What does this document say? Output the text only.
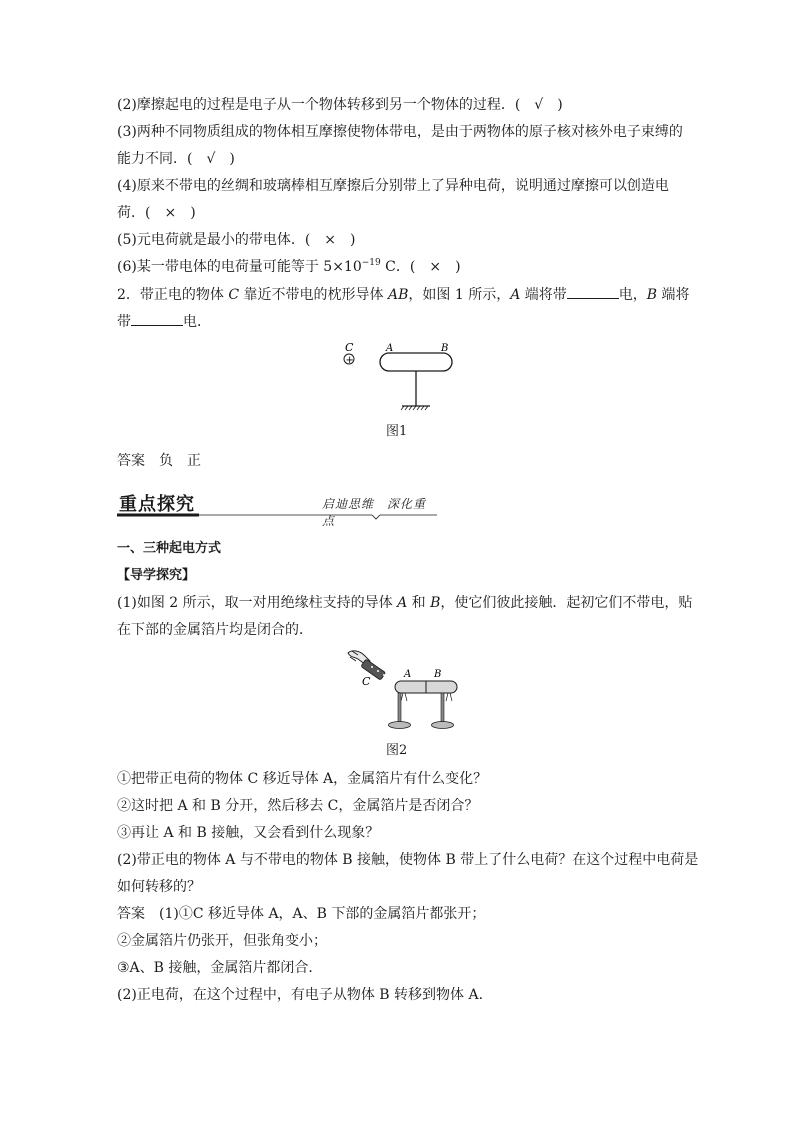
(2)摩擦起电的过程是电子从一个物体转移到另一个物体的过程．(　√　)
(3)两种不同物质组成的物体相互摩擦使物体带电，是由于两物体的原子核对核外电子束缚的
能力不同．(　√　)
(4)原来不带电的丝绸和玻璃棒相互摩擦后分别带上了异种电荷，说明通过摩擦可以创造电
荷．(　×　)
(5)元电荷就是最小的带电体．(　×　)
(6)某一带电体的电荷量可能等于 $5\times 10^{-19}$ C．(　×　)
2．带正电的物体 C 靠近不带电的枕形导体 AB，如图 1 所示，A 端将带	电，B 端将
带	电．
C
+
A	B
图1
答案　负　正
重点探究	启迪思维　深化重点
一、三种起电方式
【导学探究】
(1)如图 2 所示，取一对用绝缘柱支持的导体 A 和 B，使它们彼此接触．起初它们不带电，贴
在下部的金属箔片均是闭合的．
C
A B
图2
①把带正电荷的物体 C 移近导体 A，金属箔片有什么变化？
②这时把 A 和 B 分开，然后移去 C，金属箔片是否闭合？
③再让 A 和 B 接触，又会看到什么现象？
(2)带正电的物体 A 与不带电的物体 B 接触，使物体 B 带上了什么电荷？在这个过程中电荷是
如何转移的？
答案　(1)①C 移近导体 A，A、B 下部的金属箔片都张开；
②金属箔片仍张开，但张角变小；
③A、B 接触，金属箔片都闭合．
(2)正电荷，在这个过程中，有电子从物体 B 转移到物体 A.
